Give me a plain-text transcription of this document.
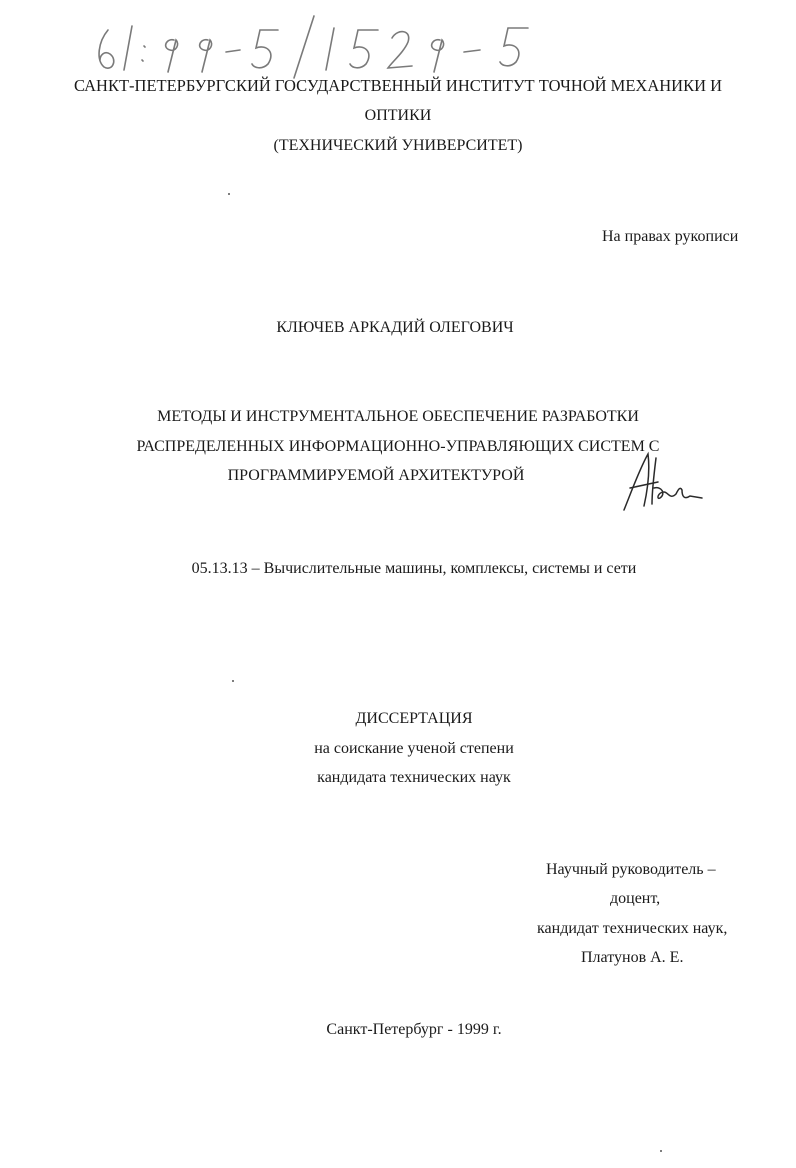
САНКТ-ПЕТЕРБУРГСКИЙ ГОСУДАРСТВЕННЫЙ ИНСТИТУТ ТОЧНОЙ МЕХАНИКИ И
ОПТИКИ
(ТЕХНИЧЕСКИЙ УНИВЕРСИТЕТ)
На правах рукописи
КЛЮЧЕВ АРКАДИЙ ОЛЕГОВИЧ
МЕТОДЫ И ИНСТРУМЕНТАЛЬНОЕ ОБЕСПЕЧЕНИЕ РАЗРАБОТКИ
РАСПРЕДЕЛЕННЫХ ИНФОРМАЦИОННО-УПРАВЛЯЮЩИХ СИСТЕМ С
ПРОГРАММИРУЕМОЙ АРХИТЕКТУРОЙ
05.13.13 – Вычислительные машины, комплексы, системы и сети
ДИССЕРТАЦИЯ
на соискание ученой степени
кандидата технических наук
Научный руководитель –
доцент,
кандидат технических наук,
Платунов А. Е.
Санкт-Петербург - 1999 г.
